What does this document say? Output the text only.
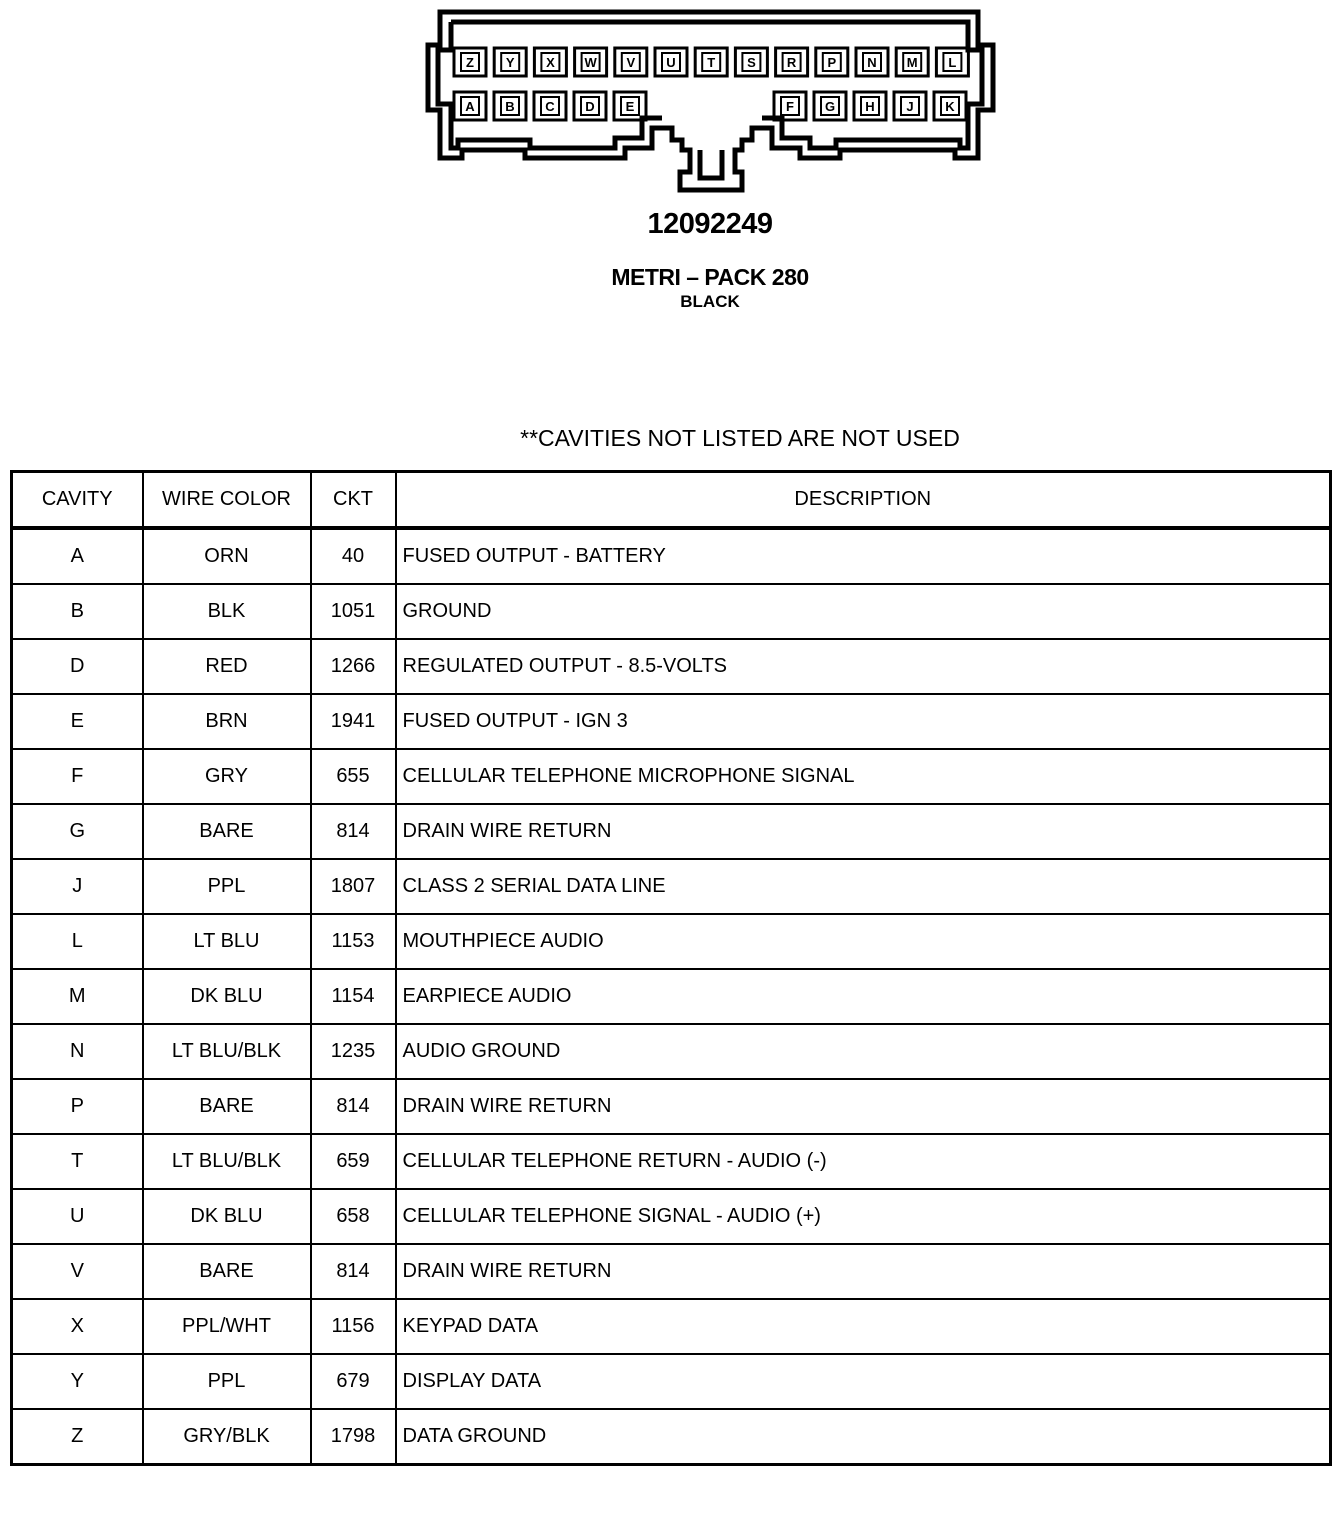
Z Y X W V U T S R P N M L
A B C D E	F G H J K
12092249
METRI – PACK 280
BLACK
**CAVITIES NOT LISTED ARE NOT USED
CAVITY	WIRE COLOR	CKT	DESCRIPTION
A	ORN	40	FUSED OUTPUT - BATTERY
B	BLK	1051	GROUND
D	RED	1266	REGULATED OUTPUT - 8.5-VOLTS
E	BRN	1941	FUSED OUTPUT - IGN 3
F	GRY	655	CELLULAR TELEPHONE MICROPHONE SIGNAL
G	BARE	814	DRAIN WIRE RETURN
J	PPL	1807	CLASS 2 SERIAL DATA LINE
L	LT BLU	1153	MOUTHPIECE AUDIO
M	DK BLU	1154	EARPIECE AUDIO
N	LT BLU/BLK	1235	AUDIO GROUND
P	BARE	814	DRAIN WIRE RETURN
T	LT BLU/BLK	659	CELLULAR TELEPHONE RETURN - AUDIO (-)
U	DK BLU	658	CELLULAR TELEPHONE SIGNAL - AUDIO (+)
V	BARE	814	DRAIN WIRE RETURN
X	PPL/WHT	1156	KEYPAD DATA
Y	PPL	679	DISPLAY DATA
Z	GRY/BLK	1798	DATA GROUND
